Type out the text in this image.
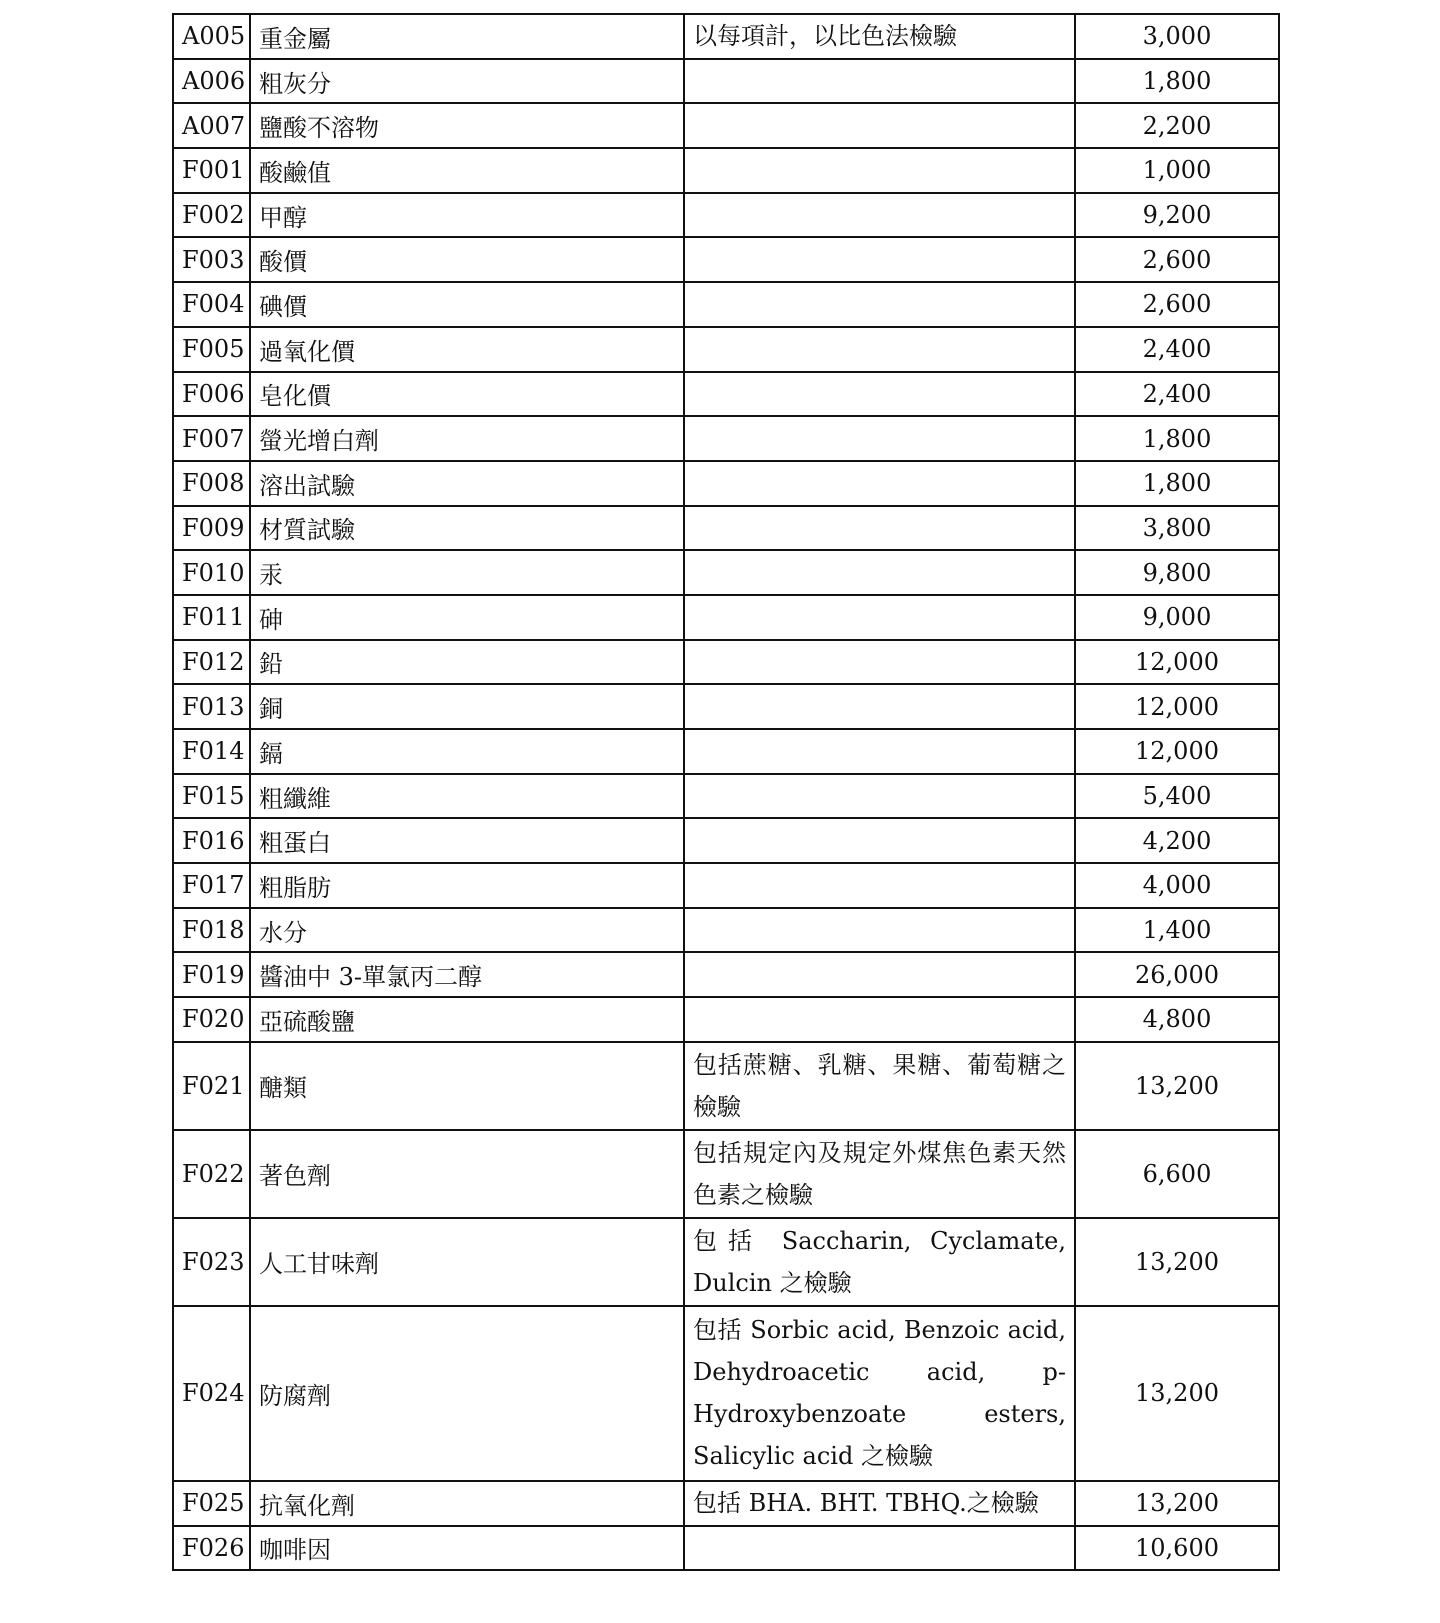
A005	重金屬	以每項計，以比色法檢驗	3,000
A006	粗灰分		1,800
A007	鹽酸不溶物		2,200
F001	酸鹼值		1,000
F002	甲醇		9,200
F003	酸價		2,600
F004	碘價		2,600
F005	過氧化價		2,400
F006	皂化價		2,400
F007	螢光增白劑		1,800
F008	溶出試驗		1,800
F009	材質試驗		3,800
F010	汞		9,800
F011	砷		9,000
F012	鉛		12,000
F013	銅		12,000
F014	鎘		12,000
F015	粗纖維		5,400
F016	粗蛋白		4,200
F017	粗脂肪		4,000
F018	水分		1,400
F019	醬油中 3-單氯丙二醇		26,000
F020	亞硫酸鹽		4,800
F021	醣類	包括蔗糖、乳糖、果糖、葡萄糖之檢驗	13,200
F022	著色劑	包括規定內及規定外煤焦色素天然色素之檢驗	6,600
F023	人工甘味劑	包括 Saccharin, Cyclamate, Dulcin 之檢驗	13,200
F024	防腐劑	包括 Sorbic acid, Benzoic acid, Dehydroacetic acid, p-Hydroxybenzoate esters, Salicylic acid 之檢驗	13,200
F025	抗氧化劑	包括 BHA. BHT. TBHQ.之檢驗	13,200
F026	咖啡因		10,600
